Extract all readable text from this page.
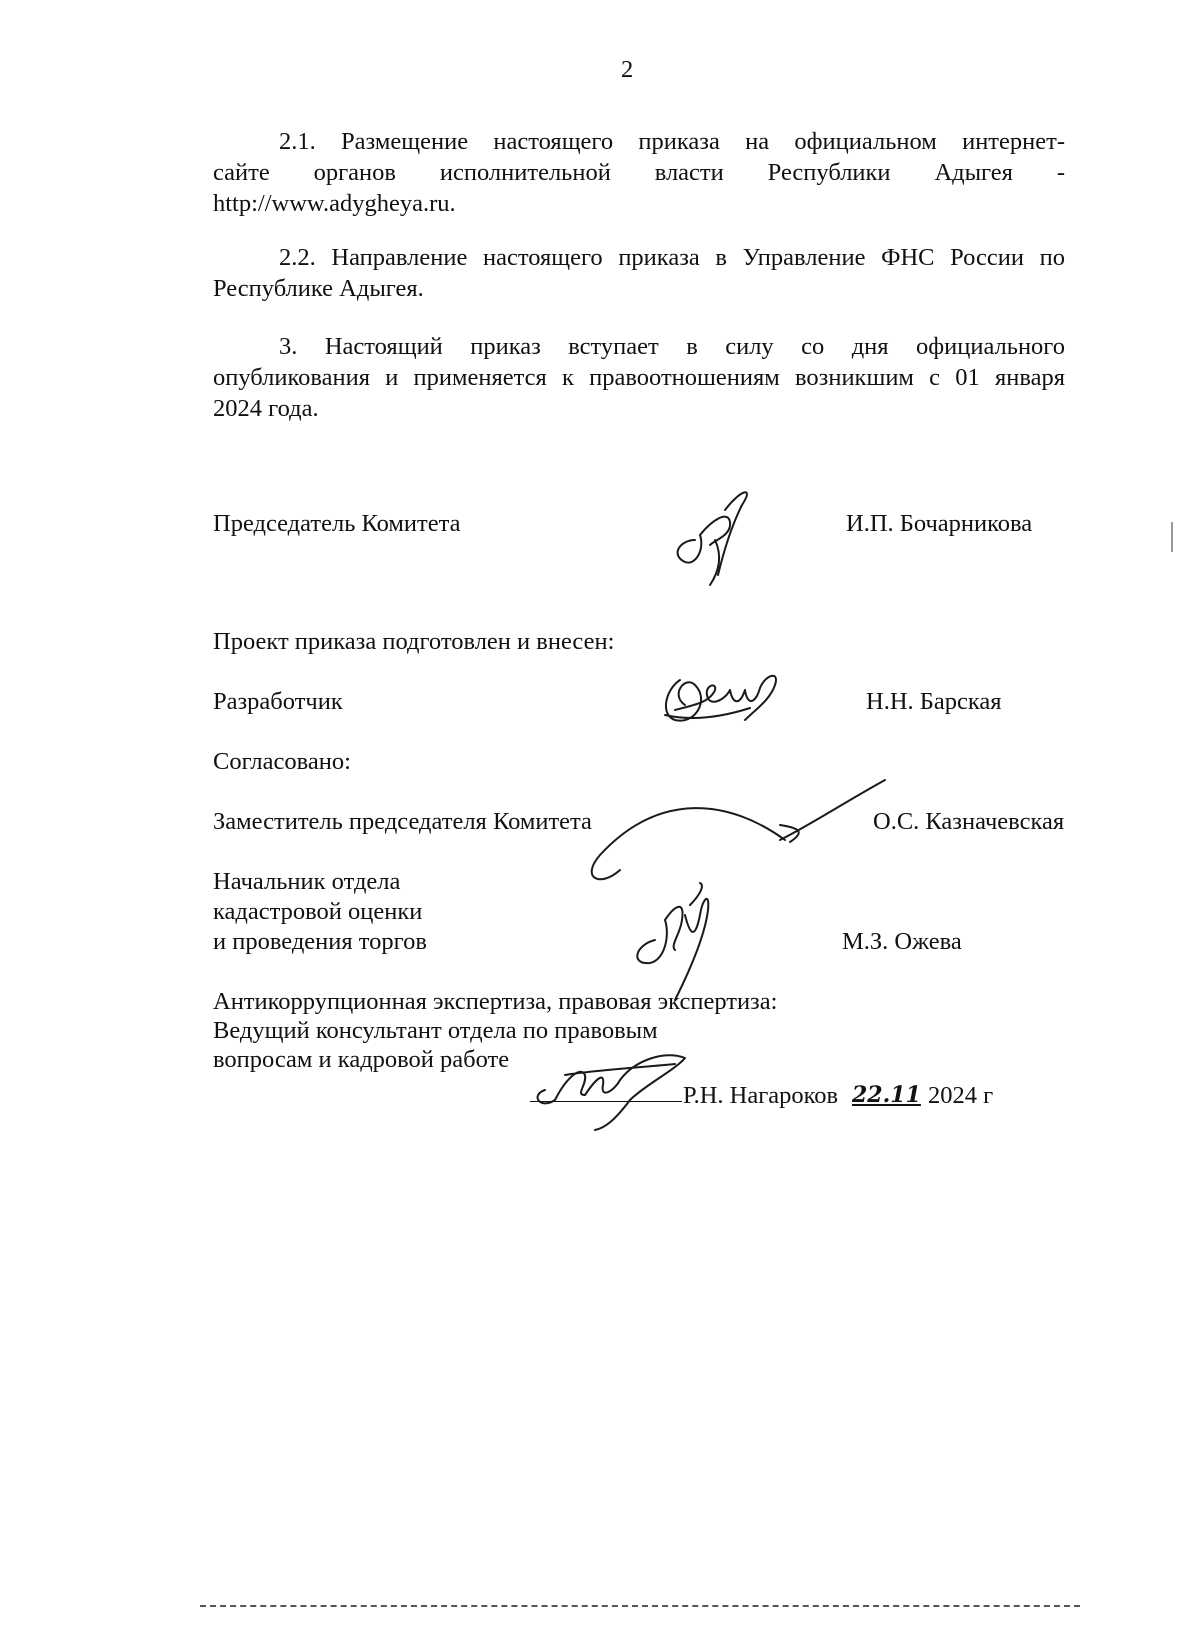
2
2.1. Размещение настоящего приказа на официальном интернет-
сайте органов исполнительной власти Республики Адыгея -
http://www.adygheya.ru.
2.2. Направление настоящего приказа в Управление ФНС России по
Республике Адыгея.
3. Настоящий приказ вступает в силу со дня официального
опубликования и применяется к правоотношениям возникшим с 01 января
2024 года.
Председатель Комитета	И.П. Бочарникова
Проект приказа подготовлен и внесен:
Разработчик	Н.Н. Барская
Согласовано:
Заместитель председателя Комитета	О.С. Казначевская
Начальник отдела
кадастровой оценки
и проведения торгов	М.З. Ожева
Антикоррупционная экспертиза, правовая экспертиза:
Ведущий консультант отдела по правовым
вопросам и кадровой работе
Р.Н. Нагароков 22.11 2024 г
